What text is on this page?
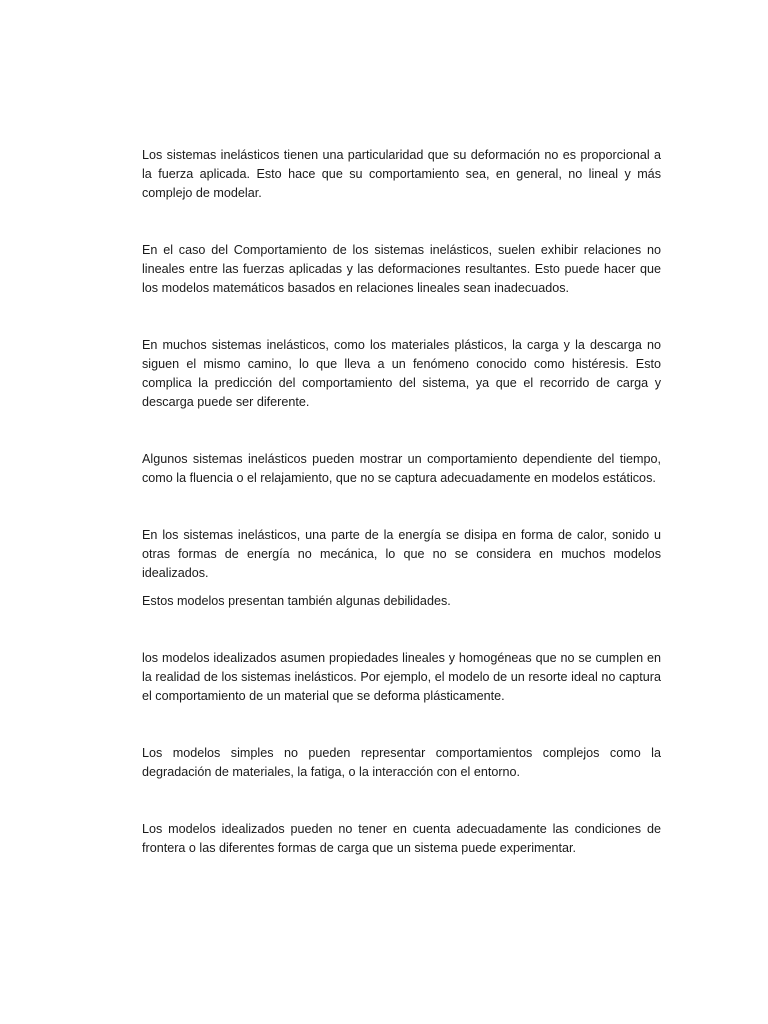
Los sistemas inelásticos tienen una particularidad que su deformación no es proporcional a la fuerza aplicada. Esto hace que su comportamiento sea, en general, no lineal y más complejo de modelar.

En el caso del Comportamiento de los sistemas inelásticos, suelen exhibir relaciones no lineales entre las fuerzas aplicadas y las deformaciones resultantes. Esto puede hacer que los modelos matemáticos basados en relaciones lineales sean inadecuados.

En muchos sistemas inelásticos, como los materiales plásticos, la carga y la descarga no siguen el mismo camino, lo que lleva a un fenómeno conocido como histéresis. Esto complica la predicción del comportamiento del sistema, ya que el recorrido de carga y descarga puede ser diferente.

Algunos sistemas inelásticos pueden mostrar un comportamiento dependiente del tiempo, como la fluencia o el relajamiento, que no se captura adecuadamente en modelos estáticos.

En los sistemas inelásticos, una parte de la energía se disipa en forma de calor, sonido u otras formas de energía no mecánica, lo que no se considera en muchos modelos idealizados.

Estos modelos presentan también algunas debilidades.

los modelos idealizados asumen propiedades lineales y homogéneas que no se cumplen en la realidad de los sistemas inelásticos. Por ejemplo, el modelo de un resorte ideal no captura el comportamiento de un material que se deforma plásticamente.

Los modelos simples no pueden representar comportamientos complejos como la degradación de materiales, la fatiga, o la interacción con el entorno.

Los modelos idealizados pueden no tener en cuenta adecuadamente las condiciones de frontera o las diferentes formas de carga que un sistema puede experimentar.
